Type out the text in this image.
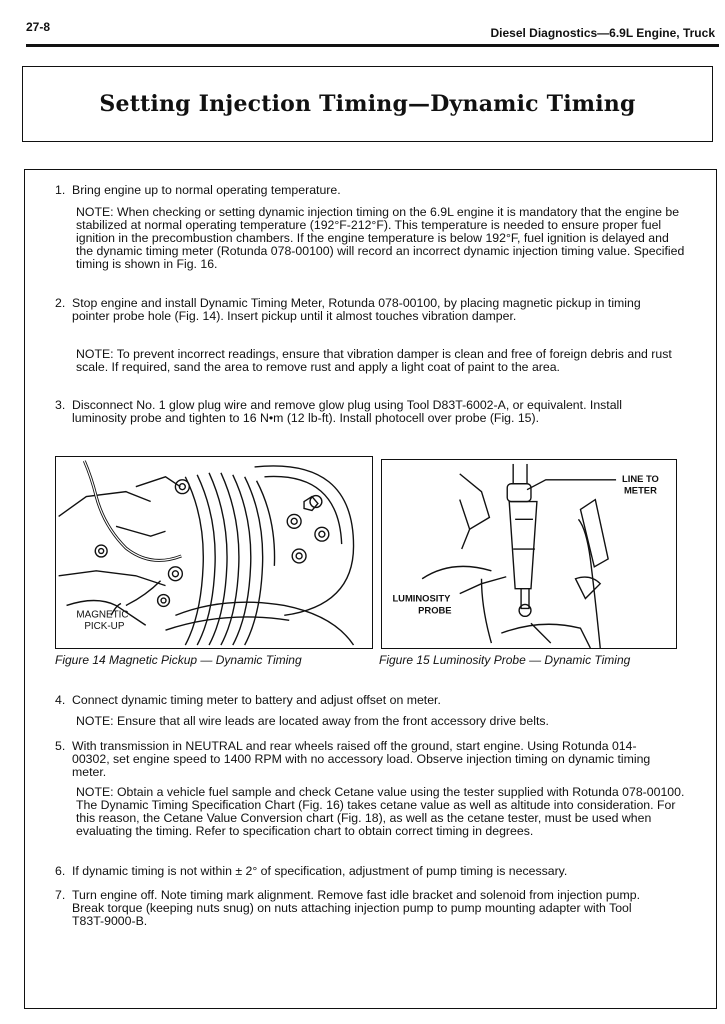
27-8	Diesel Diagnostics—6.9L Engine, Truck
Setting Injection Timing—Dynamic Timing
1. Bring engine up to normal operating temperature.
NOTE: When checking or setting dynamic injection timing on the 6.9L engine it is mandatory that the engine be stabilized at normal operating temperature (192°F-212°F). This temperature is needed to ensure proper fuel ignition in the precombustion chambers. If the engine temperature is below 192°F, fuel ignition is delayed and the dynamic timing meter (Rotunda 078-00100) will record an incorrect dynamic injection timing value. Specified timing is shown in Fig. 16.
2. Stop engine and install Dynamic Timing Meter, Rotunda 078-00100, by placing magnetic pickup in timing pointer probe hole (Fig. 14). Insert pickup until it almost touches vibration damper.
NOTE: To prevent incorrect readings, ensure that vibration damper is clean and free of foreign debris and rust scale. If required, sand the area to remove rust and apply a light coat of paint to the area.
3. Disconnect No. 1 glow plug wire and remove glow plug using Tool D83T-6002-A, or equivalent. Install luminosity probe and tighten to 16 N•m (12 lb-ft). Install photocell over probe (Fig. 15).
MAGNETIC
PICK-UP
Figure 14 Magnetic Pickup — Dynamic Timing
LINE TO
METER
LUMINOSITY
PROBE
Figure 15 Luminosity Probe — Dynamic Timing
4. Connect dynamic timing meter to battery and adjust offset on meter.
NOTE: Ensure that all wire leads are located away from the front accessory drive belts.
5. With transmission in NEUTRAL and rear wheels raised off the ground, start engine. Using Rotunda 014-00302, set engine speed to 1400 RPM with no accessory load. Observe injection timing on dynamic timing meter.
NOTE: Obtain a vehicle fuel sample and check Cetane value using the tester supplied with Rotunda 078-00100. The Dynamic Timing Specification Chart (Fig. 16) takes cetane value as well as altitude into consideration. For this reason, the Cetane Value Conversion chart (Fig. 18), as well as the cetane tester, must be used when evaluating the timing. Refer to specification chart to obtain correct timing in degrees.
6. If dynamic timing is not within ± 2° of specification, adjustment of pump timing is necessary.
7. Turn engine off. Note timing mark alignment. Remove fast idle bracket and solenoid from injection pump. Break torque (keeping nuts snug) on nuts attaching injection pump to pump mounting adapter with Tool T83T-9000-B.
